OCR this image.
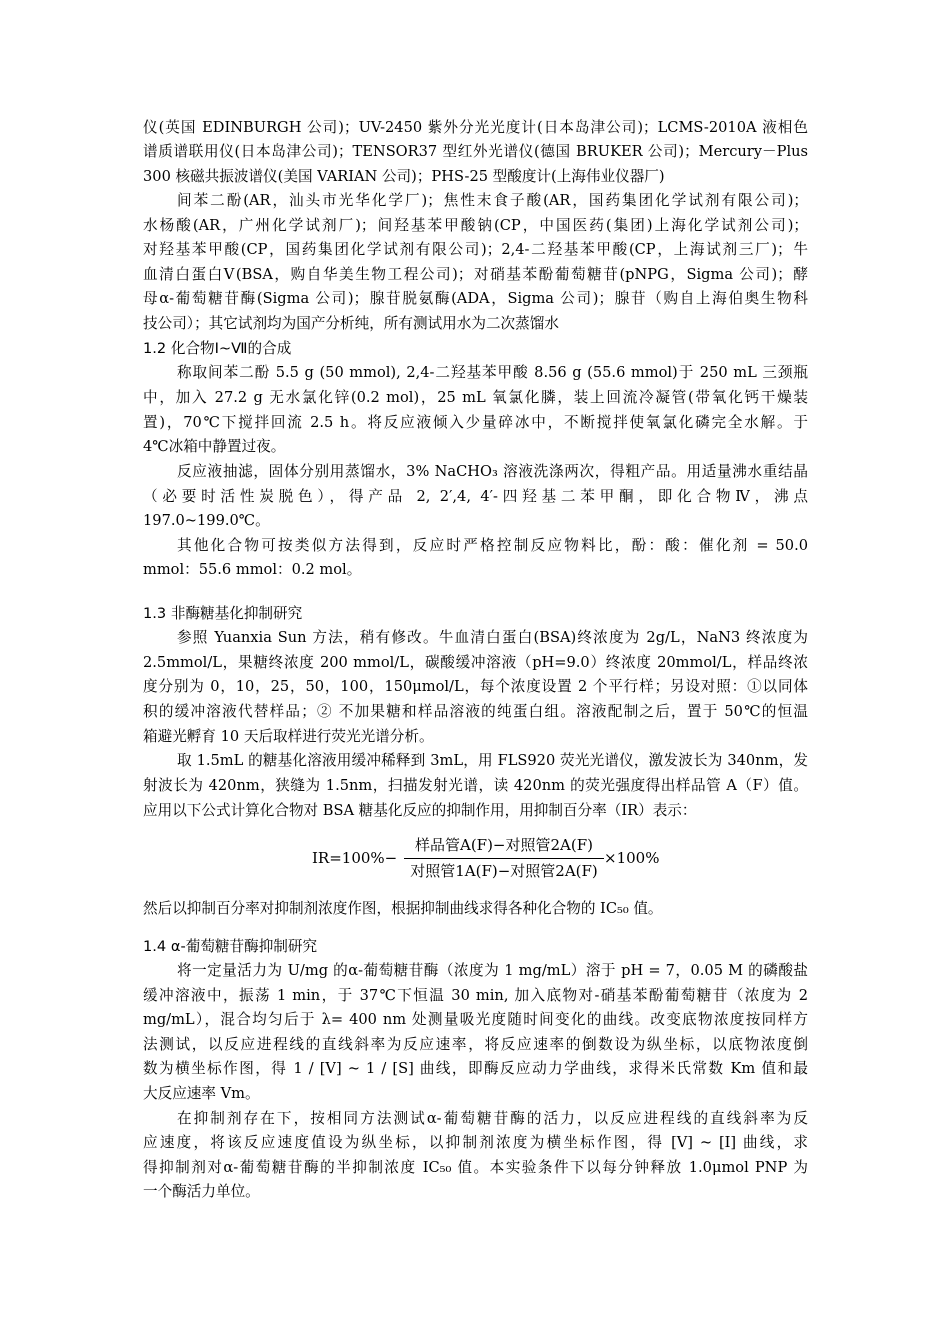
仪(英国 EDINBURGH 公司)；UV-2450 紫外分光光度计(日本岛津公司)；LCMS-2010A 液相色

谱质谱联用仪(日本岛津公司)；TENSOR37 型红外光谱仪(德国 BRUKER 公司)；Mercury－Plus

300 核磁共振波谱仪(美国 VARIAN 公司)；PHS-25 型酸度计(上海伟业仪器厂)

间苯二酚(AR，汕头市光华化学厂)；焦性末食子酸(AR，国药集团化学试剂有限公司)；

水杨酸(AR，广州化学试剂厂)；间羟基苯甲酸钠(CP，中国医药(集团)上海化学试剂公司)；

对羟基苯甲酸(CP，国药集团化学试剂有限公司)；2,4-二羟基苯甲酸(CP，上海试剂三厂)；牛

血清白蛋白Ⅴ(BSA，购自华美生物工程公司)；对硝基苯酚葡萄糖苷(pNPG，Sigma 公司)；酵

母α-葡萄糖苷酶(Sigma 公司)；腺苷脱氨酶(ADA，Sigma 公司)；腺苷（购自上海伯奥生物科

技公司）；其它试剂均为国产分析纯，所有测试用水为二次蒸馏水

1.2 化合物Ⅰ~Ⅶ的合成

称取间苯二酚 5.5 g (50 mmol), 2,4-二羟基苯甲酸 8.56 g (55.6 mmol)于 250 mL 三颈瓶

中，加入 27.2 g 无水氯化锌(0.2 mol)，25 mL 氧氯化膦，装上回流冷凝管(带氧化钙干燥装

置)，70℃下搅拌回流 2.5 h。将反应液倾入少量碎冰中，不断搅拌使氧氯化磷完全水解。于

4℃冰箱中静置过夜。

反应液抽滤，固体分别用蒸馏水，3% NaCHO₃ 溶液洗涤两次，得粗产品。用适量沸水重结晶

（必要时活性炭脱色），得产品 2, 2′,4, 4′-四羟基二苯甲酮，即化合物Ⅳ，沸点

197.0~199.0℃。

其他化合物可按类似方法得到，反应时严格控制反应物料比，酚：酸：催化剂 = 50.0

mmol：55.6 mmol：0.2 mol。

1.3 非酶糖基化抑制研究

参照 Yuanxia Sun 方法，稍有修改。牛血清白蛋白(BSA)终浓度为 2g/L，NaN3 终浓度为

2.5mmol/L，果糖终浓度 200 mmol/L，碳酸缓冲溶液（pH=9.0）终浓度 20mmol/L，样品终浓

度分别为 0，10，25，50，100，150μmol/L，每个浓度设置 2 个平行样；另设对照：①以同体

积的缓冲溶液代替样品；② 不加果糖和样品溶液的纯蛋白组。溶液配制之后，置于 50℃的恒温

箱避光孵育 10 天后取样进行荧光光谱分析。

取 1.5mL 的糖基化溶液用缓冲稀释到 3mL，用 FLS920 荧光光谱仪，激发波长为 340nm，发

射波长为 420nm，狭缝为 1.5nm，扫描发射光谱，读 420nm 的荧光强度得出样品管 A（F）值。

应用以下公式计算化合物对 BSA 糖基化反应的抑制作用，用抑制百分率（IR）表示：

IR=100%−
样品管A(F)−对照管2A(F)
对照管1A(F)−对照管2A(F)
×100%

然后以抑制百分率对抑制剂浓度作图，根据抑制曲线求得各种化合物的 IC₅₀ 值。

1.4 α-葡萄糖苷酶抑制研究

将一定量活力为 U/mg 的α-葡萄糖苷酶（浓度为 1 mg/mL）溶于 pH = 7，0.05 M 的磷酸盐

缓冲溶液中，振荡 1 min，于 37℃下恒温 30 min, 加入底物对-硝基苯酚葡萄糖苷（浓度为 2

mg/mL），混合均匀后于 λ= 400 nm 处测量吸光度随时间变化的曲线。改变底物浓度按同样方

法测试，以反应进程线的直线斜率为反应速率，将反应速率的倒数设为纵坐标，以底物浓度倒

数为横坐标作图，得 1 / [V] ~ 1 / [S] 曲线，即酶反应动力学曲线，求得米氏常数 Km 值和最

大反应速率 Vm。

在抑制剂存在下，按相同方法测试α-葡萄糖苷酶的活力，以反应进程线的直线斜率为反

应速度，将该反应速度值设为纵坐标，以抑制剂浓度为横坐标作图，得 [V] ~ [I] 曲线，求

得抑制剂对α-葡萄糖苷酶的半抑制浓度 IC₅₀ 值。本实验条件下以每分钟释放 1.0μmol PNP 为

一个酶活力单位。
